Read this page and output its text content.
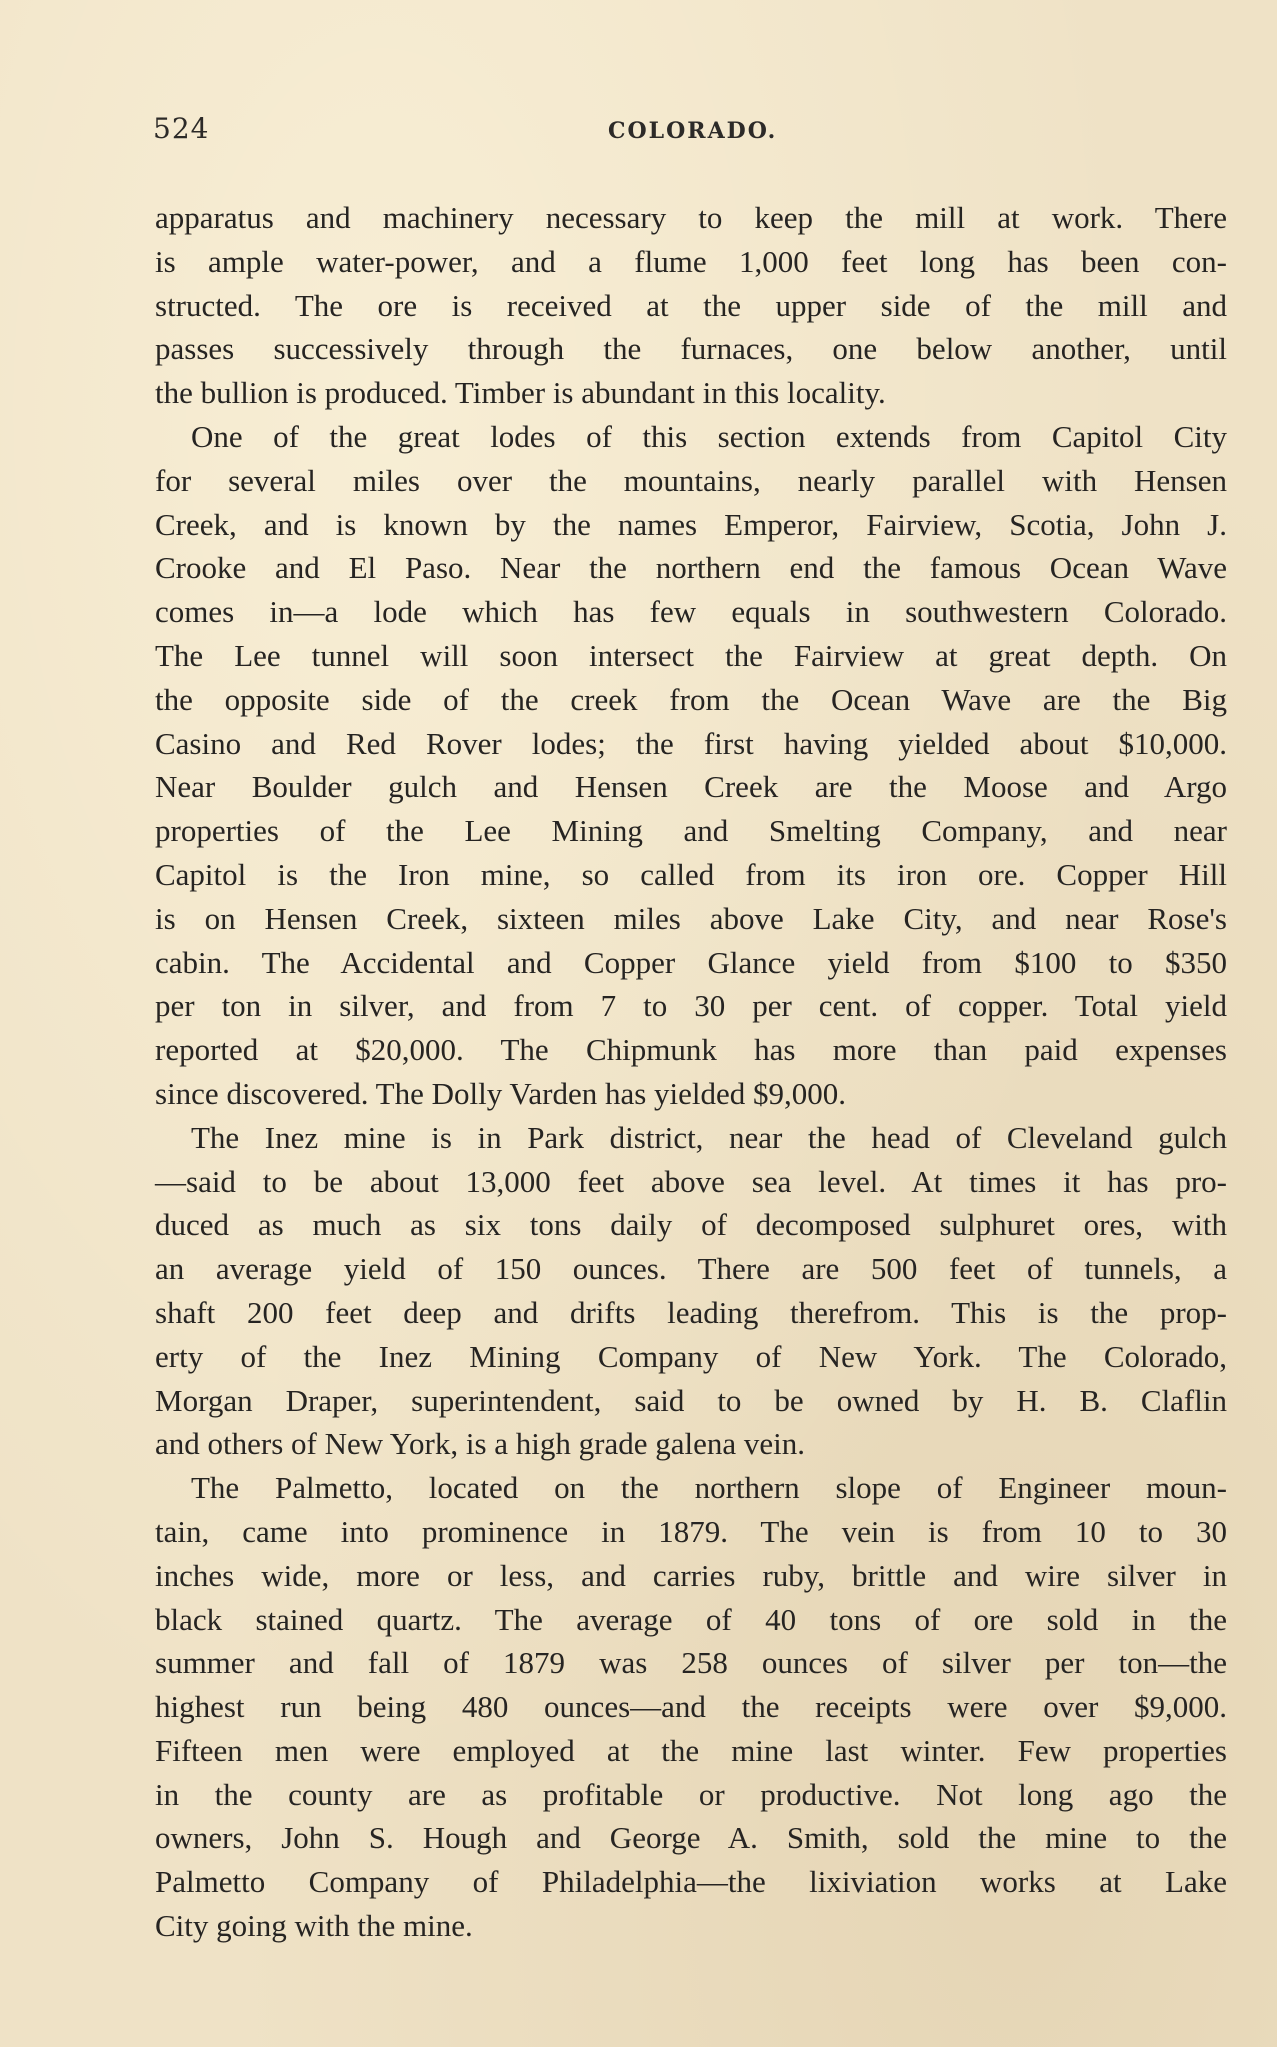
524	COLORADO.
apparatus and machinery necessary to keep the mill at work. There
is ample water-power, and a flume 1,000 feet long has been con-
structed. The ore is received at the upper side of the mill and
passes successively through the furnaces, one below another, until
the bullion is produced. Timber is abundant in this locality.
One of the great lodes of this section extends from Capitol City
for several miles over the mountains, nearly parallel with Hensen
Creek, and is known by the names Emperor, Fairview, Scotia, John J.
Crooke and El Paso. Near the northern end the famous Ocean Wave
comes in—a lode which has few equals in southwestern Colorado.
The Lee tunnel will soon intersect the Fairview at great depth. On
the opposite side of the creek from the Ocean Wave are the Big
Casino and Red Rover lodes; the first having yielded about $10,000.
Near Boulder gulch and Hensen Creek are the Moose and Argo
properties of the Lee Mining and Smelting Company, and near
Capitol is the Iron mine, so called from its iron ore. Copper Hill
is on Hensen Creek, sixteen miles above Lake City, and near Rose's
cabin. The Accidental and Copper Glance yield from $100 to $350
per ton in silver, and from 7 to 30 per cent. of copper. Total yield
reported at $20,000. The Chipmunk has more than paid expenses
since discovered. The Dolly Varden has yielded $9,000.
The Inez mine is in Park district, near the head of Cleveland gulch
—said to be about 13,000 feet above sea level. At times it has pro-
duced as much as six tons daily of decomposed sulphuret ores, with
an average yield of 150 ounces. There are 500 feet of tunnels, a
shaft 200 feet deep and drifts leading therefrom. This is the prop-
erty of the Inez Mining Company of New York. The Colorado,
Morgan Draper, superintendent, said to be owned by H. B. Claflin
and others of New York, is a high grade galena vein.
The Palmetto, located on the northern slope of Engineer moun-
tain, came into prominence in 1879. The vein is from 10 to 30
inches wide, more or less, and carries ruby, brittle and wire silver in
black stained quartz. The average of 40 tons of ore sold in the
summer and fall of 1879 was 258 ounces of silver per ton—the
highest run being 480 ounces—and the receipts were over $9,000.
Fifteen men were employed at the mine last winter. Few properties
in the county are as profitable or productive. Not long ago the
owners, John S. Hough and George A. Smith, sold the mine to the
Palmetto Company of Philadelphia—the lixiviation works at Lake
City going with the mine.
